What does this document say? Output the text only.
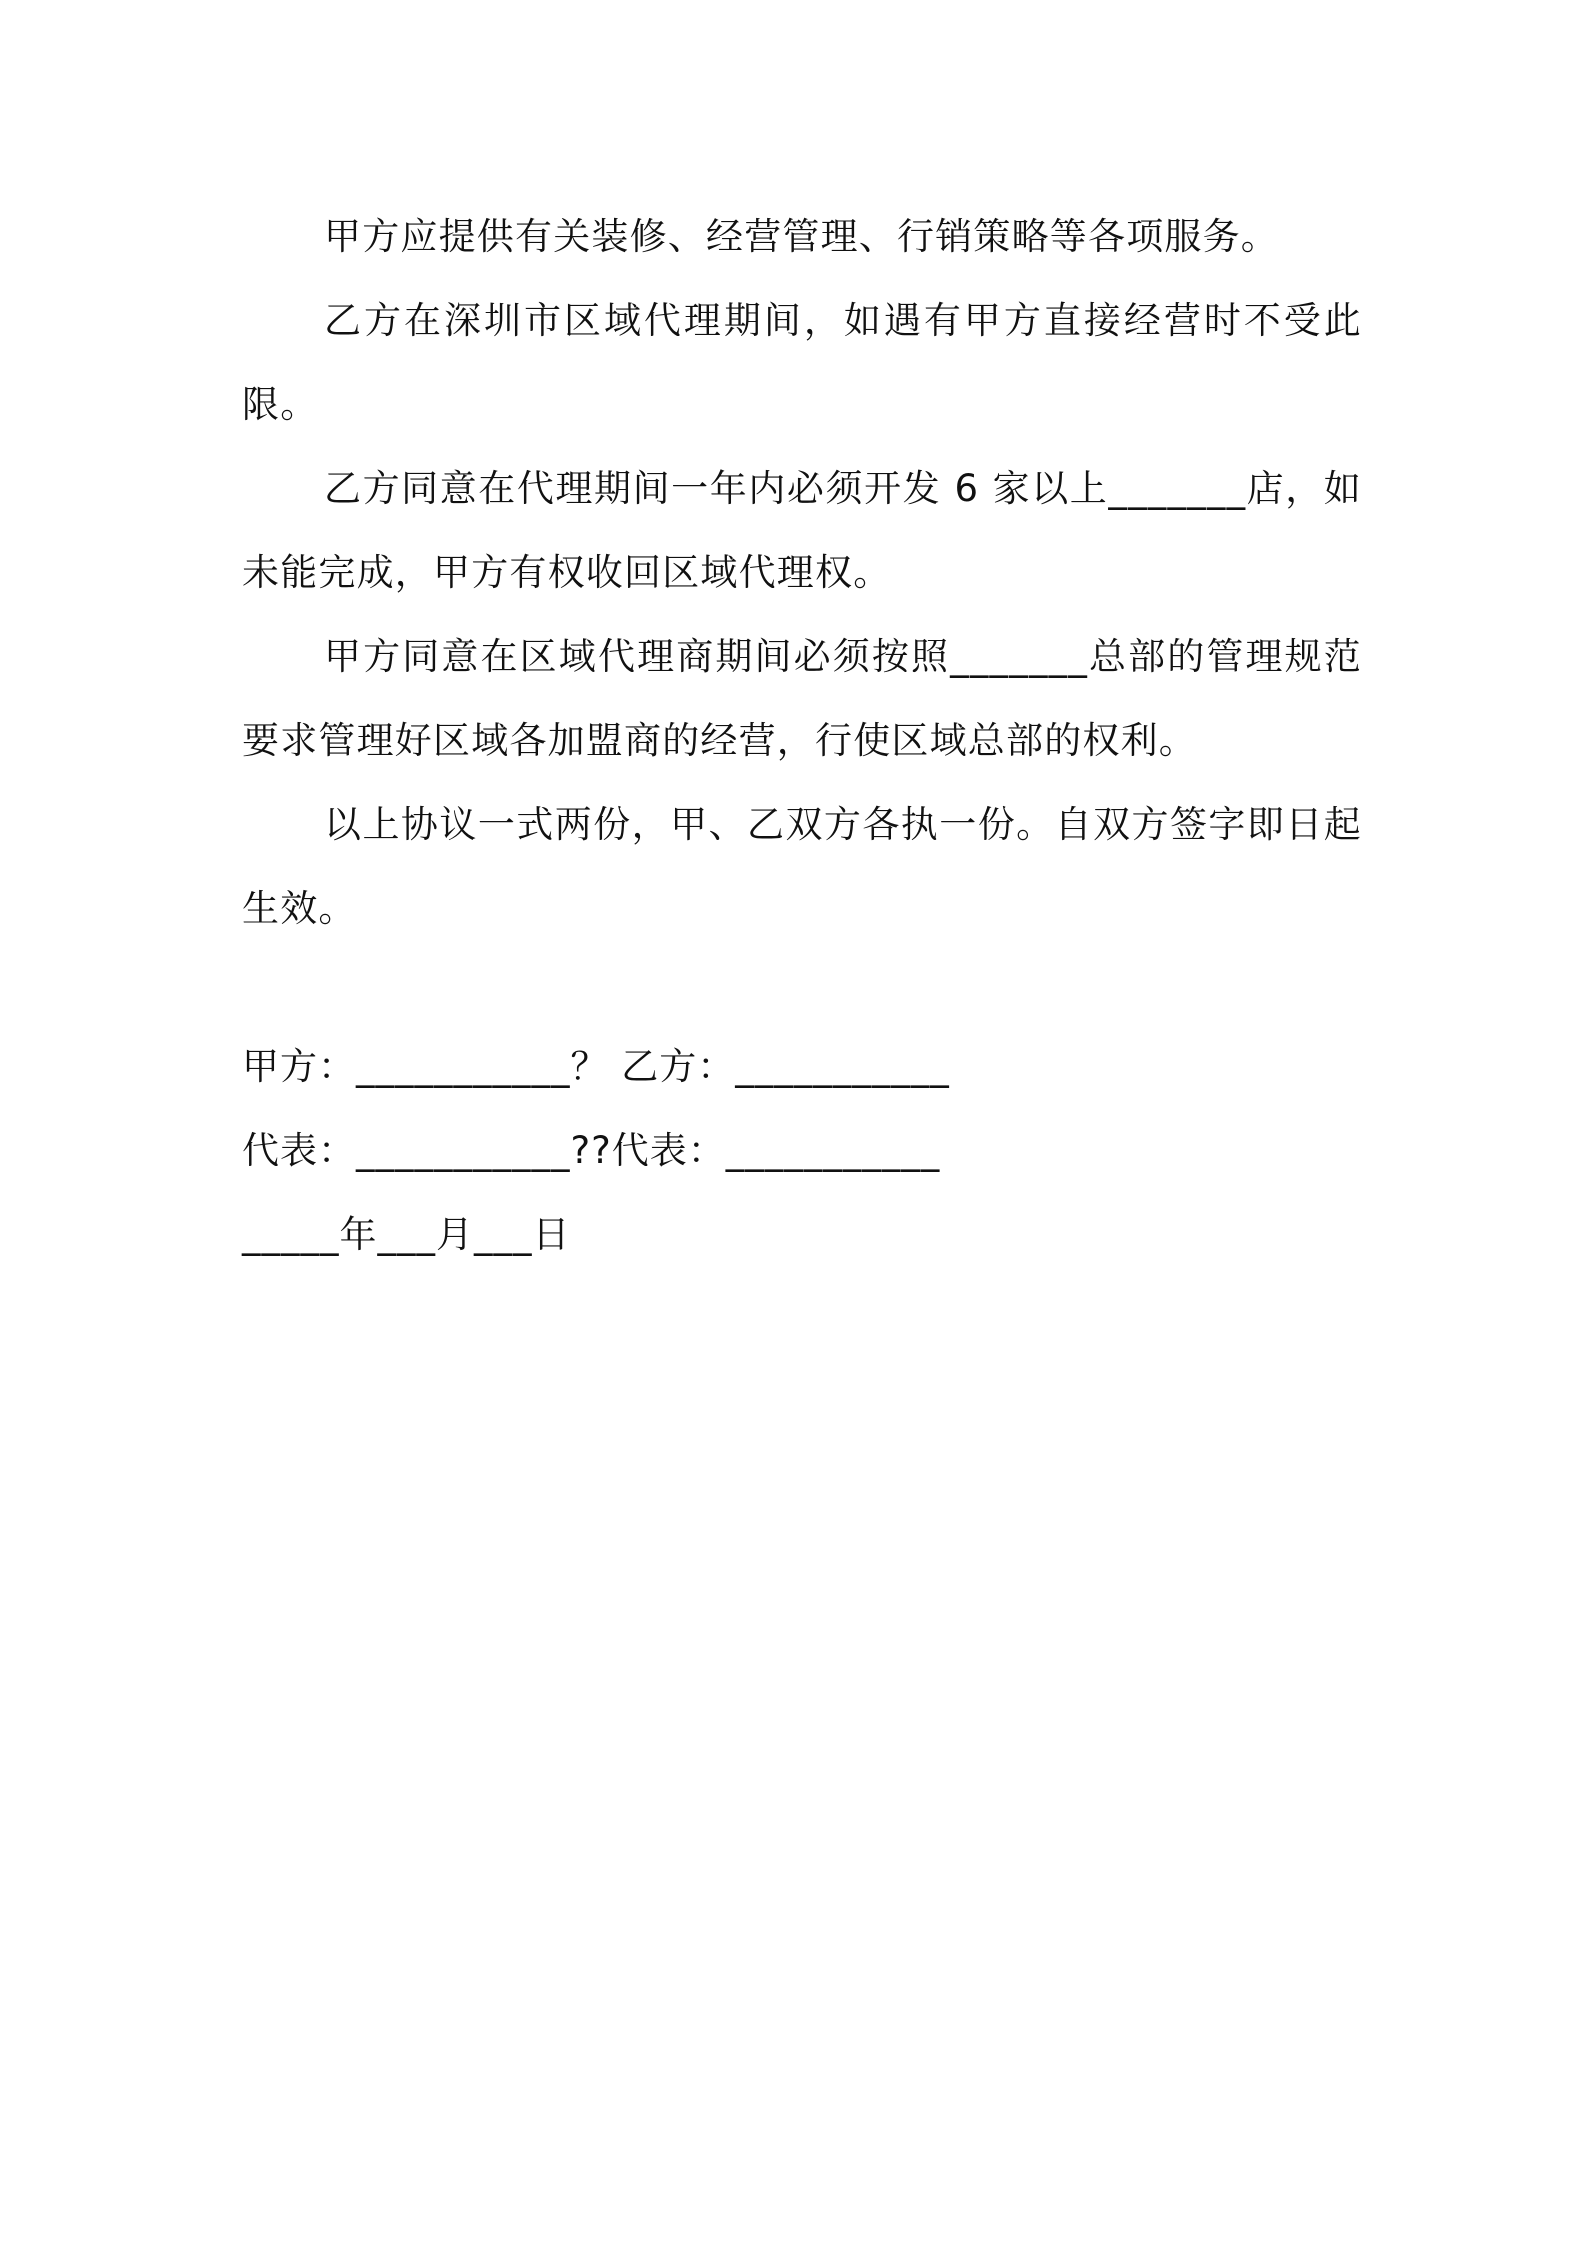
甲方应提供有关装修、经营管理、行销策略等各项服务。

乙方在深圳市区域代理期间，如遇有甲方直接经营时不受此限。

乙方同意在代理期间一年内必须开发 6 家以上_______店，如未能完成，甲方有权收回区域代理权。

甲方同意在区域代理商期间必须按照_______总部的管理规范要求管理好区域各加盟商的经营，行使区域总部的权利。

以上协议一式两份，甲、乙双方各执一份。自双方签字即日起生效。

甲方：___________？ 乙方：___________

代表：___________??代表：___________

_____年___月___日
